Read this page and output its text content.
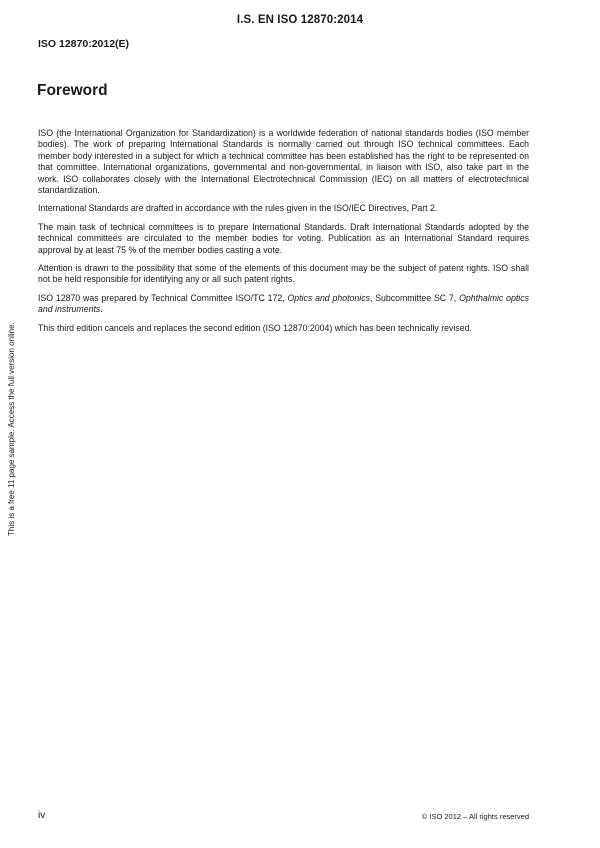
I.S. EN ISO 12870:2014
ISO 12870:2012(E)
Foreword

ISO (the International Organization for Standardization) is a worldwide federation of national standards bodies (ISO member bodies). The work of preparing International Standards is normally carried out through ISO technical committees. Each member body interested in a subject for which a technical committee has been established has the right to be represented on that committee. International organizations, governmental and non-governmental, in liaison with ISO, also take part in the work. ISO collaborates closely with the International Electrotechnical Commission (IEC) on all matters of electrotechnical standardization.

International Standards are drafted in accordance with the rules given in the ISO/IEC Directives, Part 2.

The main task of technical committees is to prepare International Standards. Draft International Standards adopted by the technical committees are circulated to the member bodies for voting. Publication as an International Standard requires approval by at least 75 % of the member bodies casting a vote.

Attention is drawn to the possibility that some of the elements of this document may be the subject of patent rights. ISO shall not be held responsible for identifying any or all such patent rights.

ISO 12870 was prepared by Technical Committee ISO/TC 172, Optics and photonics, Subcommittee SC 7, Ophthalmic optics and instruments.

This third edition cancels and replaces the second edition (ISO 12870:2004) which has been technically revised.

This is a free 11 page sample. Access the full version online.
iv	© ISO 2012 – All rights reserved
